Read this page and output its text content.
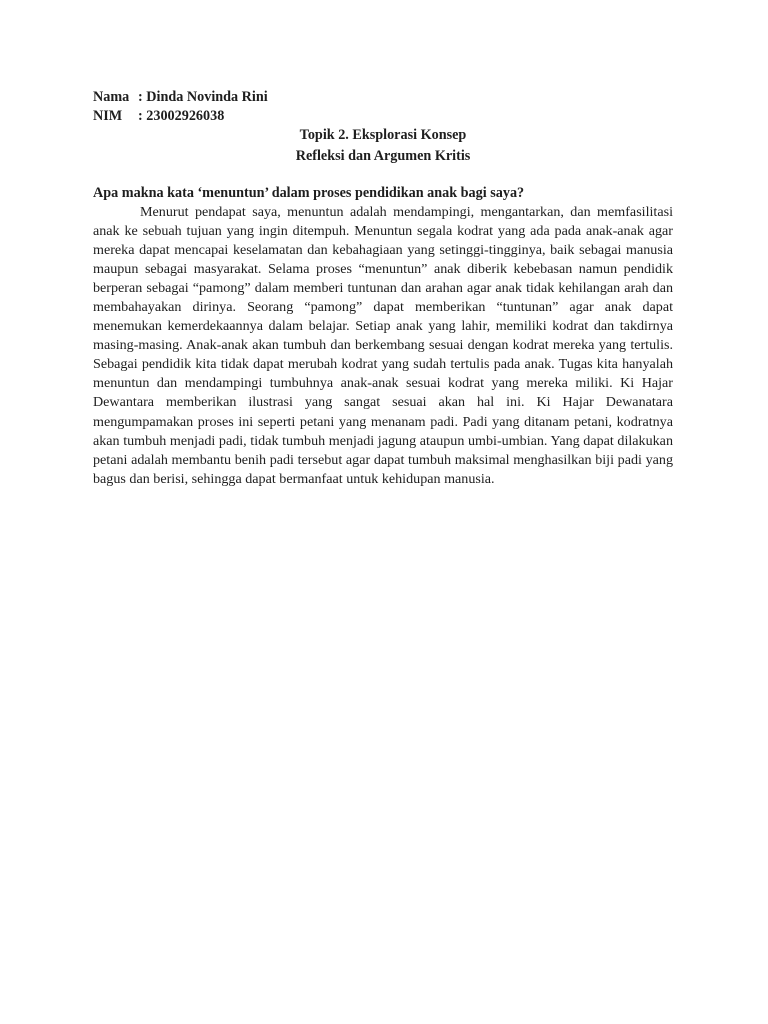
Nama : Dinda Novinda Rini
NIM	: 23002926038
Topik 2. Eksplorasi Konsep
Refleksi dan Argumen Kritis
Apa makna kata ‘menuntun’ dalam proses pendidikan anak bagi saya?

Menurut pendapat saya, menuntun adalah mendampingi, mengantarkan, dan memfasilitasi anak ke sebuah tujuan yang ingin ditempuh. Menuntun segala kodrat yang ada pada anak-anak agar mereka dapat mencapai keselamatan dan kebahagiaan yang setinggi-tingginya, baik sebagai manusia maupun sebagai masyarakat. Selama proses “menuntun” anak diberik kebebasan namun pendidik berperan sebagai “pamong” dalam memberi tuntunan dan arahan agar anak tidak kehilangan arah dan membahayakan dirinya. Seorang “pamong” dapat memberikan “tuntunan” agar anak dapat menemukan kemerdekaannya dalam belajar. Setiap anak yang lahir, memiliki kodrat dan takdirnya masing-masing. Anak-anak akan tumbuh dan berkembang sesuai dengan kodrat mereka yang tertulis. Sebagai pendidik kita tidak dapat merubah kodrat yang sudah tertulis pada anak. Tugas kita hanyalah menuntun dan mendampingi tumbuhnya anak-anak sesuai kodrat yang mereka miliki. Ki Hajar Dewantara memberikan ilustrasi yang sangat sesuai akan hal ini. Ki Hajar Dewanatara mengumpamakan proses ini seperti petani yang menanam padi. Padi yang ditanam petani, kodratnya akan tumbuh menjadi padi, tidak tumbuh menjadi jagung ataupun umbi-umbian. Yang dapat dilakukan petani adalah membantu benih padi tersebut agar dapat tumbuh maksimal menghasilkan biji padi yang bagus dan berisi, sehingga dapat bermanfaat untuk kehidupan manusia.
